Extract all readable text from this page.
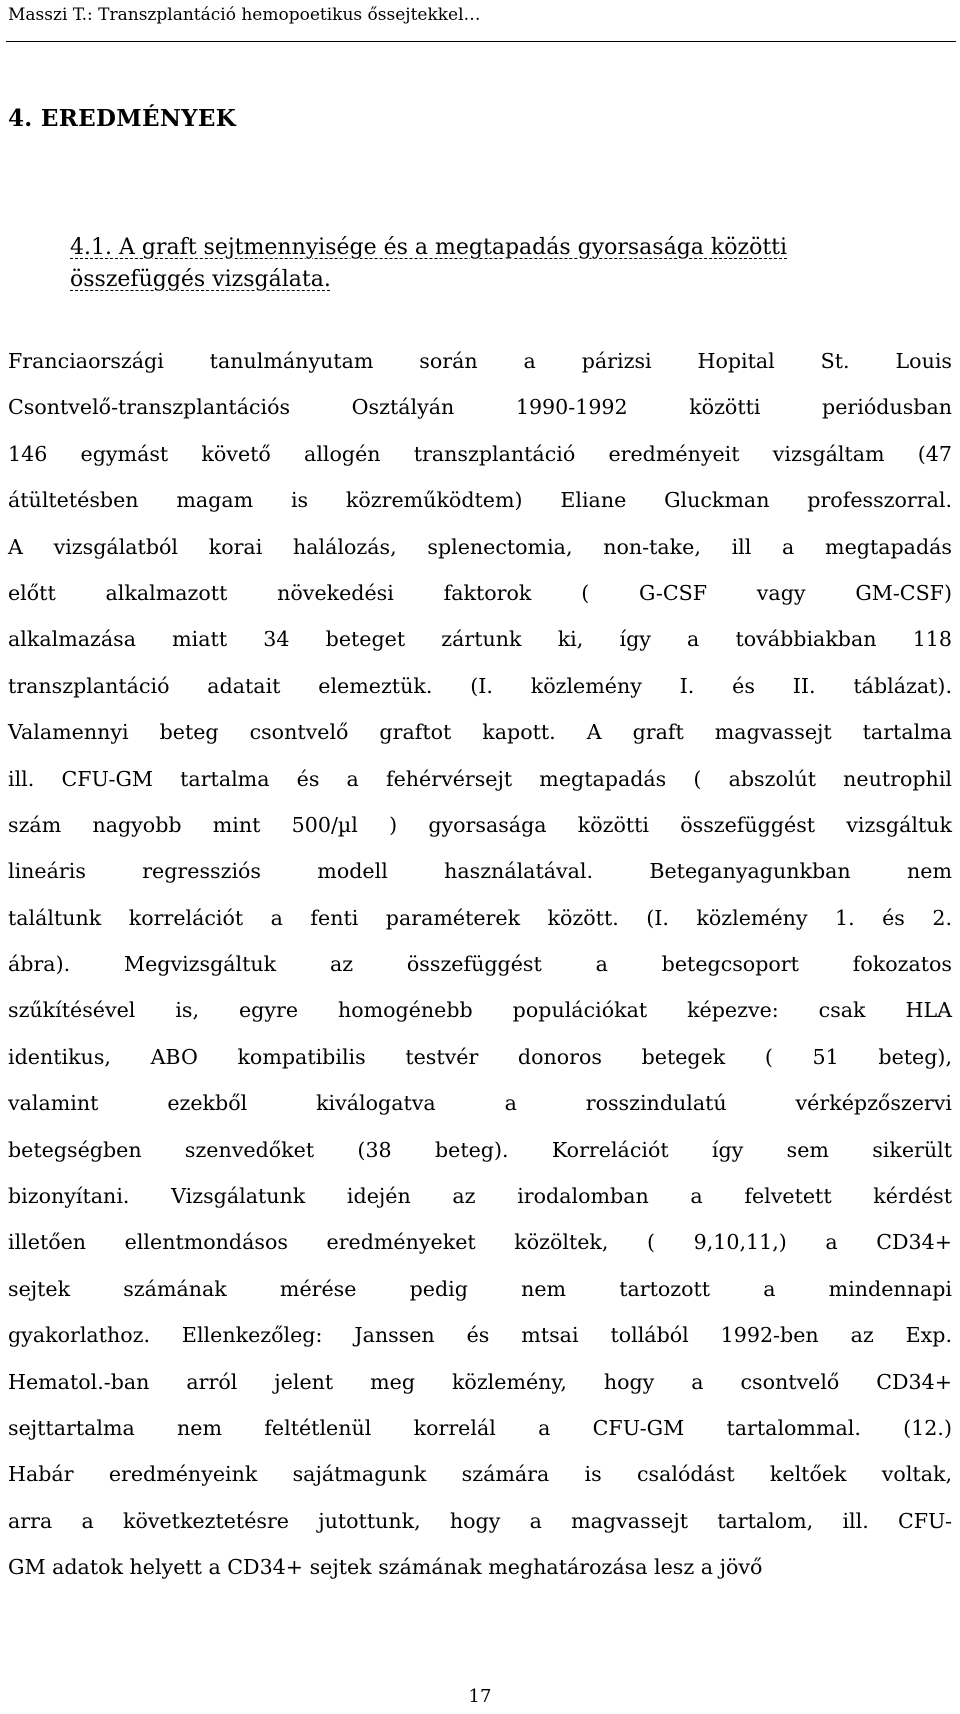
Masszi T.: Transzplantáció hemopoetikus őssejtekkel…
4. EREDMÉNYEK
4.1. A graft sejtmennyisége és a megtapadás gyorsasága közötti
összefüggés vizsgálata.
Franciaországi tanulmányutam során a párizsi Hopital St. Louis
Csontvelő-transzplantációs Osztályán 1990-1992 közötti periódusban
146 egymást követő allogén transzplantáció eredményeit vizsgáltam (47
átültetésben magam is közreműködtem) Eliane Gluckman professzorral.
A vizsgálatból korai halálozás, splenectomia, non-take, ill a megtapadás
előtt alkalmazott növekedési faktorok ( G-CSF vagy GM-CSF)
alkalmazása miatt 34 beteget zártunk ki, így a továbbiakban 118
transzplantáció adatait elemeztük. (I. közlemény I. és II. táblázat).
Valamennyi beteg csontvelő graftot kapott. A graft magvassejt tartalma
ill. CFU-GM tartalma és a fehérvérsejt megtapadás ( abszolút neutrophil
szám nagyobb mint 500/µl ) gyorsasága közötti összefüggést vizsgáltuk
lineáris regressziós modell használatával. Beteganyagunkban nem
találtunk korrelációt a fenti paraméterek között. (I. közlemény 1. és 2.
ábra). Megvizsgáltuk az összefüggést a betegcsoport fokozatos
szűkítésével is, egyre homogénebb populációkat képezve: csak HLA
identikus, ABO kompatibilis testvér donoros betegek ( 51 beteg),
valamint ezekből kiválogatva a rosszindulatú vérképzőszervi
betegségben szenvedőket (38 beteg). Korrelációt így sem sikerült
bizonyítani. Vizsgálatunk idején az irodalomban a felvetett kérdést
illetően ellentmondásos eredményeket közöltek, ( 9,10,11,) a CD34+
sejtek számának mérése pedig nem tartozott a mindennapi
gyakorlathoz. Ellenkezőleg: Janssen és mtsai tollából 1992-ben az Exp.
Hematol.-ban arról jelent meg közlemény, hogy a csontvelő CD34+
sejttartalma nem feltétlenül korrelál a CFU-GM tartalommal. (12.)
Habár eredményeink sajátmagunk számára is csalódást keltőek voltak,
arra a következtetésre jutottunk, hogy a magvassejt tartalom, ill. CFU-
GM adatok helyett a CD34+ sejtek számának meghatározása lesz a jövő
17
